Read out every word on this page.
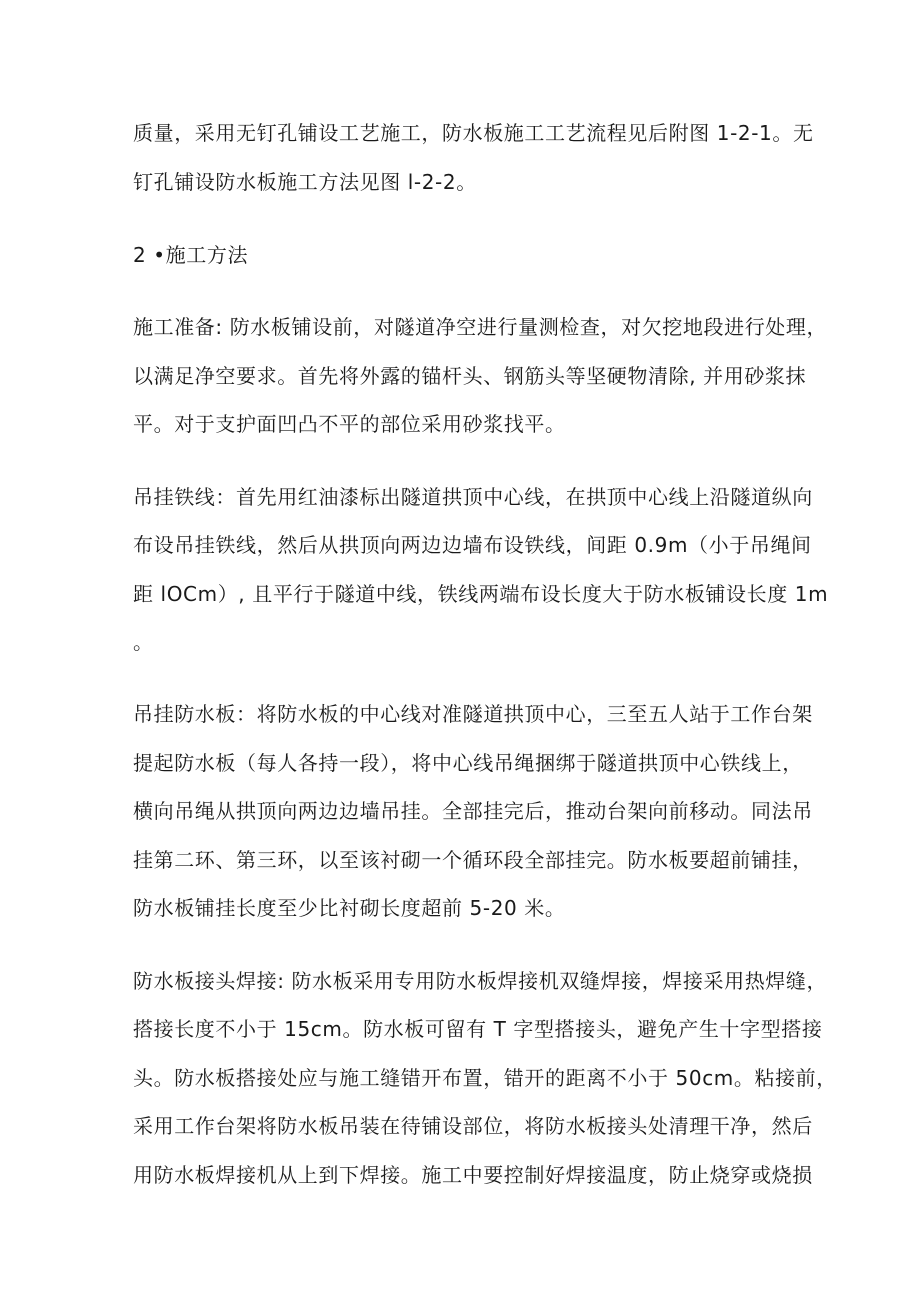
质量，采用无钉孔铺设工艺施工，防水板施工工艺流程见后附图 1-2-1。无
钉孔铺设防水板施工方法见图 l-2-2。
2 •施工方法
施工准备: 防水板铺设前，对隧道净空进行量测检查，对欠挖地段进行处理，
以满足净空要求。首先将外露的锚杆头、钢筋头等坚硬物清除, 并用砂浆抹
平。对于支护面凹凸不平的部位采用砂浆找平。
吊挂铁线：首先用红油漆标出隧道拱顶中心线，在拱顶中心线上沿隧道纵向
布设吊挂铁线，然后从拱顶向两边边墙布设铁线，间距 0.9m（小于吊绳间
距 lOCm）, 且平行于隧道中线，铁线两端布设长度大于防水板铺设长度 1m
。
吊挂防水板：将防水板的中心线对准隧道拱顶中心，三至五人站于工作台架
提起防水板（每人各持一段），将中心线吊绳捆绑于隧道拱顶中心铁线上，
横向吊绳从拱顶向两边边墙吊挂。全部挂完后，推动台架向前移动。同法吊
挂第二环、第三环，以至该衬砌一个循环段全部挂完。防水板要超前铺挂，
防水板铺挂长度至少比衬砌长度超前 5-20 米。
防水板接头焊接: 防水板采用专用防水板焊接机双缝焊接，焊接采用热焊缝，
搭接长度不小于 15cm。防水板可留有 T 字型搭接头，避免产生十字型搭接
头。防水板搭接处应与施工缝错开布置，错开的距离不小于 50cm。粘接前，
采用工作台架将防水板吊装在待铺设部位，将防水板接头处清理干净，然后
用防水板焊接机从上到下焊接。施工中要控制好焊接温度，防止烧穿或烧损
